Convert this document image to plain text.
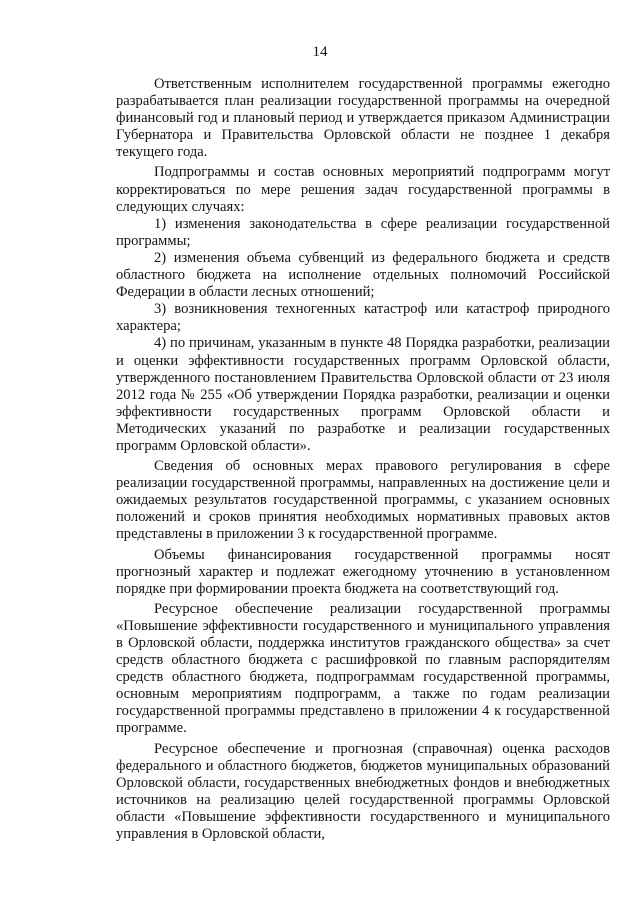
14

Ответственным исполнителем государственной программы ежегодно разрабатывается план реализации государственной программы на очередной финансовый год и плановый период и утверждается приказом Администрации Губернатора и Правительства Орловской области не позднее 1 декабря текущего года.

Подпрограммы и состав основных мероприятий подпрограмм могут корректироваться по мере решения задач государственной программы в следующих случаях:

1) изменения законодательства в сфере реализации государственной программы;

2) изменения объема субвенций из федерального бюджета и средств областного бюджета на исполнение отдельных полномочий Российской Федерации в области лесных отношений;

3) возникновения техногенных катастроф или катастроф природного характера;

4) по причинам, указанным в пункте 48 Порядка разработки, реализации и оценки эффективности государственных программ Орловской области, утвержденного постановлением Правительства Орловской области от 23 июля 2012 года № 255 «Об утверждении Порядка разработки, реализации и оценки эффективности государственных программ Орловской области и Методических указаний по разработке и реализации государственных программ Орловской области».

Сведения об основных мерах правового регулирования в сфере реализации государственной программы, направленных на достижение цели и ожидаемых результатов государственной программы, с указанием основных положений и сроков принятия необходимых нормативных правовых актов представлены в приложении 3 к государственной программе.

Объемы финансирования государственной программы носят прогнозный характер и подлежат ежегодному уточнению в установленном порядке при формировании проекта бюджета на соответствующий год.

Ресурсное обеспечение реализации государственной программы «Повышение эффективности государственного и муниципального управления в Орловской области, поддержка институтов гражданского общества» за счет средств областного бюджета с расшифровкой по главным распорядителям средств областного бюджета, подпрограммам государственной программы, основным мероприятиям подпрограмм, а также по годам реализации государственной программы представлено в приложении 4 к государственной программе.

Ресурсное обеспечение и прогнозная (справочная) оценка расходов федерального и областного бюджетов, бюджетов муниципальных образований Орловской области, государственных внебюджетных фондов и внебюджетных источников на реализацию целей государственной программы Орловской области «Повышение эффективности государственного и муниципального управления в Орловской области,
